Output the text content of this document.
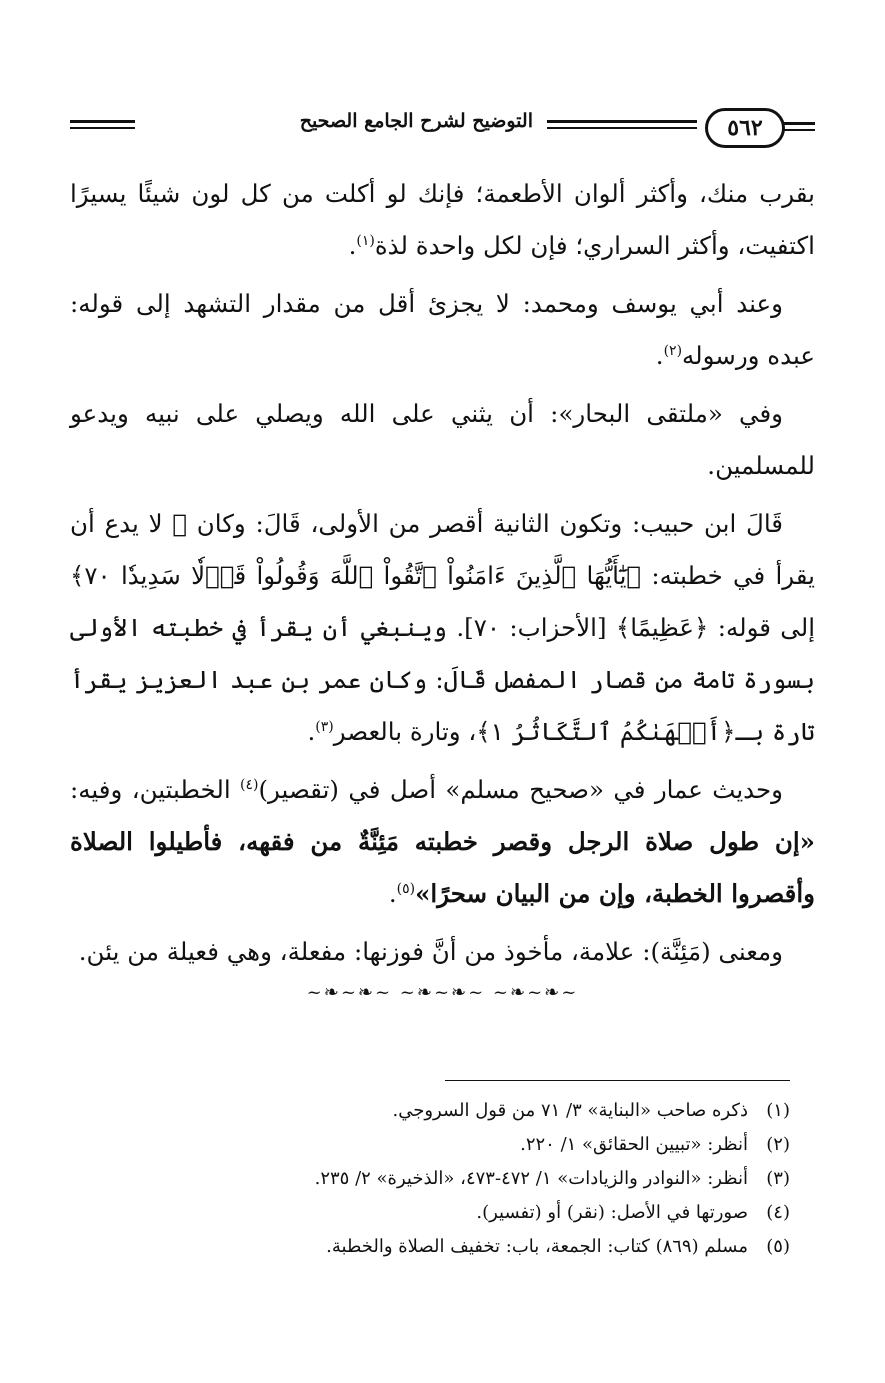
٥٦٢
التوضيح لشرح الجامع الصحيح

بقرب منك، وأكثر ألوان الأطعمة؛ فإنك لو أكلت من كل لون شيئًا يسيرًا اكتفيت، وأكثر السراري؛ فإن لكل واحدة لذة$^{(١)}$.

وعند أبي يوسف ومحمد: لا يجزئ أقل من مقدار التشهد إلى قوله: عبده ورسوله$^{(٢)}$.

وفي «ملتقى البحار»: أن يثني على الله ويصلي على نبيه ويدعو للمسلمين.

قَالَ ابن حبيب: وتكون الثانية أقصر من الأولى، قَالَ: وكان ﷺ لا يدع أن يقرأ في خطبته: ﴿يَٰٓأَيُّهَا ٱلَّذِينَ ءَامَنُواْ ٱتَّقُواْ ٱللَّهَ وَقُولُواْ قَوۡلٗا سَدِيدٗا ٧٠﴾ إلى قوله: ﴿عَظِيمًا﴾ [الأحزاب: ٧٠]. وينبغي أن يقرأ في خطبته الأولى بسورة تامة من قصار المفصل قَالَ: وكان عمر بن عبد العزيز يقرأ تارة بـ﴿أَلۡهَىٰكُمُ ٱلتَّكَاثُرُ ١﴾، وتارة بالعصر$^{(٣)}$.

وحديث عمار في «صحيح مسلم» أصل في (تقصير)$^{(٤)}$ الخطبتين، وفيه: «إن طول صلاة الرجل وقصر خطبته مَئِنَّةٌ من فقهه، فأطيلوا الصلاة وأقصروا الخطبة، وإن من البيان سحرًا»$^{(٥)}$.

ومعنى (مَئِنَّة): علامة، مأخوذ من أنَّ فوزنها: مفعلة، وهي فعيلة من يئن.

~❧~❧~ ~❧~❧~ ~❧~❧~
(١)
ذكره صاحب «البناية» ٣/ ٧١ من قول السروجي.
(٢)
أنظر: «تبيين الحقائق» ١/ ٢٢٠.
(٣)
أنظر: «النوادر والزيادات» ١/ ٤٧٢-٤٧٣، «الذخيرة» ٢/ ٢٣٥.
(٤)
صورتها في الأصل: (نقر) أو (تفسير).
(٥)
مسلم (٨٦٩) كتاب: الجمعة، باب: تخفيف الصلاة والخطبة.
